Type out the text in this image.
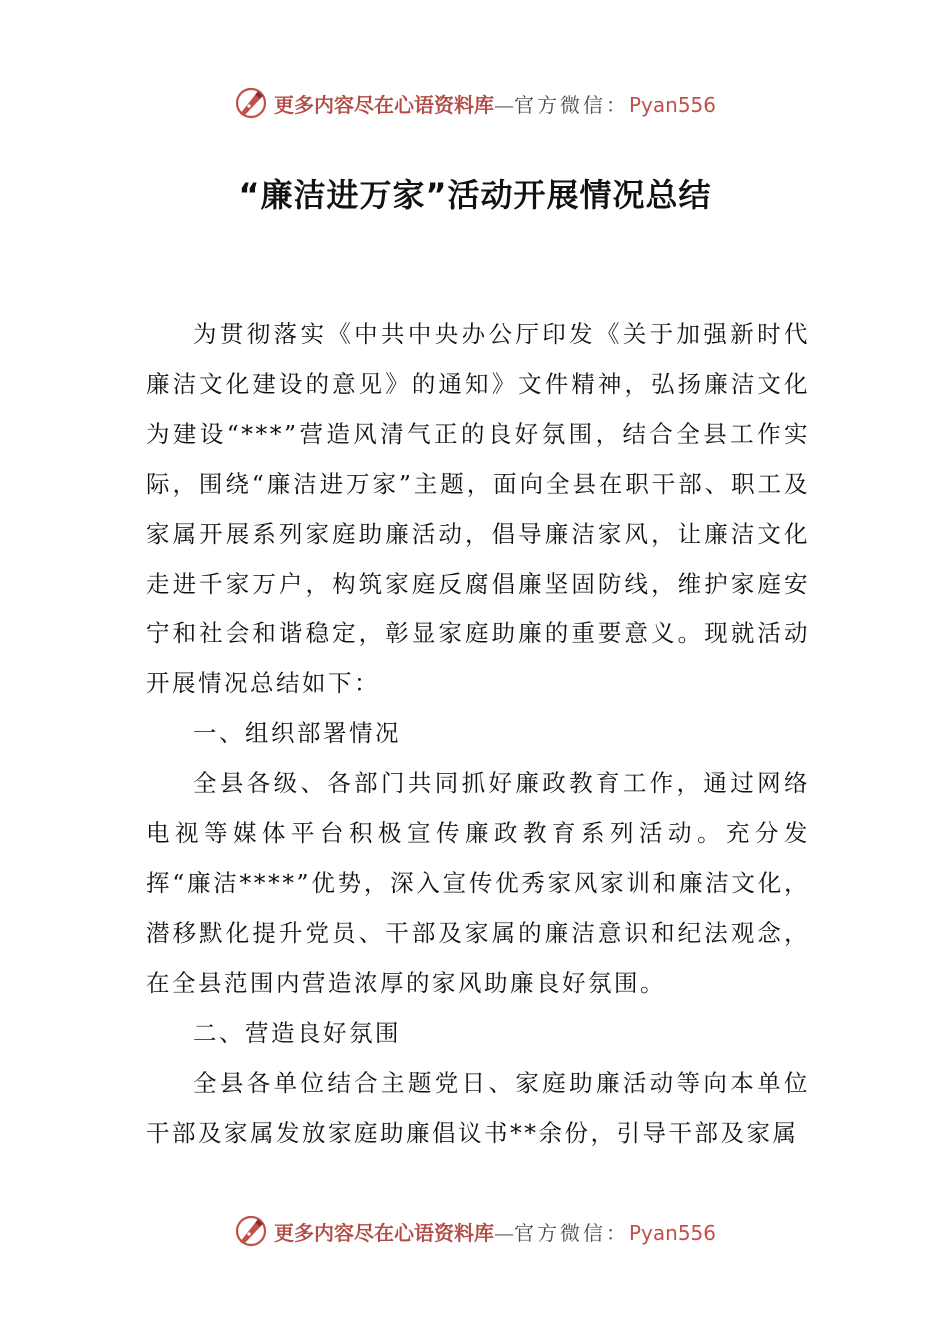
更多内容尽在心语资料库—官方微信：Pyan556
“廉洁进万家”活动开展情况总结

为贯彻落实《中共中央办公厅印发《关于加强新时代廉洁文化建设的意见》的通知》文件精神，弘扬廉洁文化为建设“***”营造风清气正的良好氛围，结合全县工作实际，围绕“廉洁进万家”主题，面向全县在职干部、职工及家属开展系列家庭助廉活动，倡导廉洁家风，让廉洁文化走进千家万户，构筑家庭反腐倡廉坚固防线，维护家庭安宁和社会和谐稳定，彰显家庭助廉的重要意义。现就活动开展情况总结如下：

一、组织部署情况

全县各级、各部门共同抓好廉政教育工作，通过网络电视等媒体平台积极宣传廉政教育系列活动。充分发挥“廉洁****”优势，深入宣传优秀家风家训和廉洁文化，潜移默化提升党员、干部及家属的廉洁意识和纪法观念，在全县范围内营造浓厚的家风助廉良好氛围。

二、营造良好氛围

全县各单位结合主题党日、家庭助廉活动等向本单位干部及家属发放家庭助廉倡议书**余份，引导干部及家属

更多内容尽在心语资料库—官方微信：Pyan556
